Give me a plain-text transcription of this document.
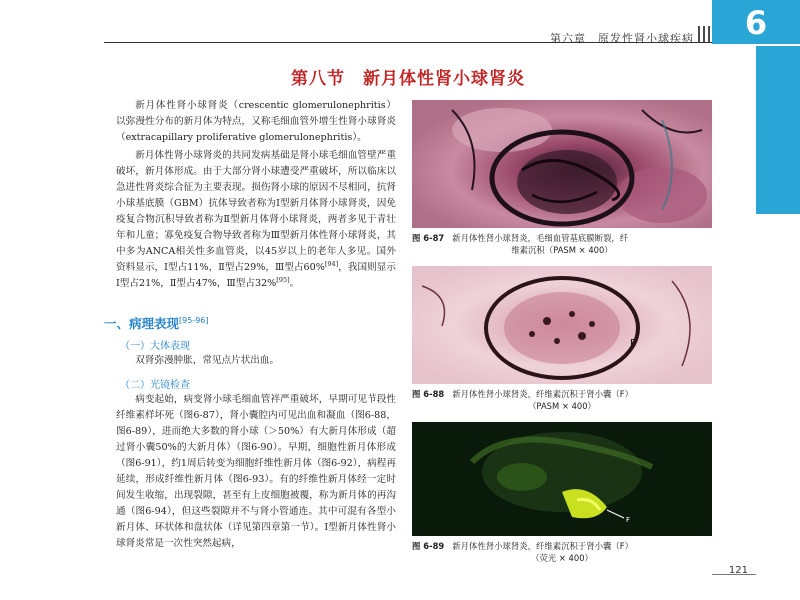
第六章　原发性肾小球疾病	6
第八节　新月体性肾小球肾炎

新月体性肾小球肾炎（crescentic glomerulonephritis）以弥漫性分布的新月体为特点，又称毛细血管外增生性肾小球肾炎（extracapillary proliferative glomerulonephritis）。

新月体性肾小球肾炎的共同发病基础是肾小球毛细血管壁严重破坏，新月体形成。由于大部分肾小球遭受严重破坏，所以临床以急进性肾炎综合征为主要表现。损伤肾小球的原因不尽相同，抗肾小球基底膜（GBM）抗体导致者称为Ⅰ型新月体肾小球肾炎，因免疫复合物沉积导致者称为Ⅱ型新月体肾小球肾炎，两者多见于青壮年和儿童；寡免疫复合物导致者称为Ⅲ型新月体性肾小球肾炎，其中多为ANCA相关性多血管炎，以45岁以上的老年人多见。国外资料显示，Ⅰ型占11%，Ⅱ型占29%，Ⅲ型占60%[94]，我国则显示Ⅰ型占21%，Ⅱ型占47%，Ⅲ型占32%[95]。

一、病理表现[95-96]
（一）大体表现

双肾弥漫肿胀，常见点片状出血。

（二）光镜检查

病变起始，病变肾小球毛细血管袢严重破坏，早期可见节段性纤维素样坏死（图6-87），肾小囊腔内可见出血和凝血（图6-88，图6-89），进而绝大多数的肾小球（＞50%）有大新月体形成（超过肾小囊50%的大新月体）（图6-90）。早期，细胞性新月体形成（图6-91），约1周后转变为细胞纤维性新月体（图6-92），病程再延续，形成纤维性新月体（图6-93）。有的纤维性新月体经一定时间发生收缩，出现裂隙，甚至有上皮细胞被覆，称为新月体的再沟通（图6-94），但这些裂隙并不与肾小管通连。其中可混有各型小新月体、环状体和盘状体（详见第四章第一节）。Ⅰ型新月体性肾小球肾炎常是一次性突然起病，

图 6-87 新月体性肾小球肾炎，毛细血管基底膜断裂，纤
维素沉积（PASM × 400）
F
图 6-88 新月体性肾小球肾炎，纤维素沉积于肾小囊（F）
（PASM × 400）
F
图 6-89 新月体性肾小球肾炎，纤维素沉积于肾小囊（F）
（荧光 × 400）
121
